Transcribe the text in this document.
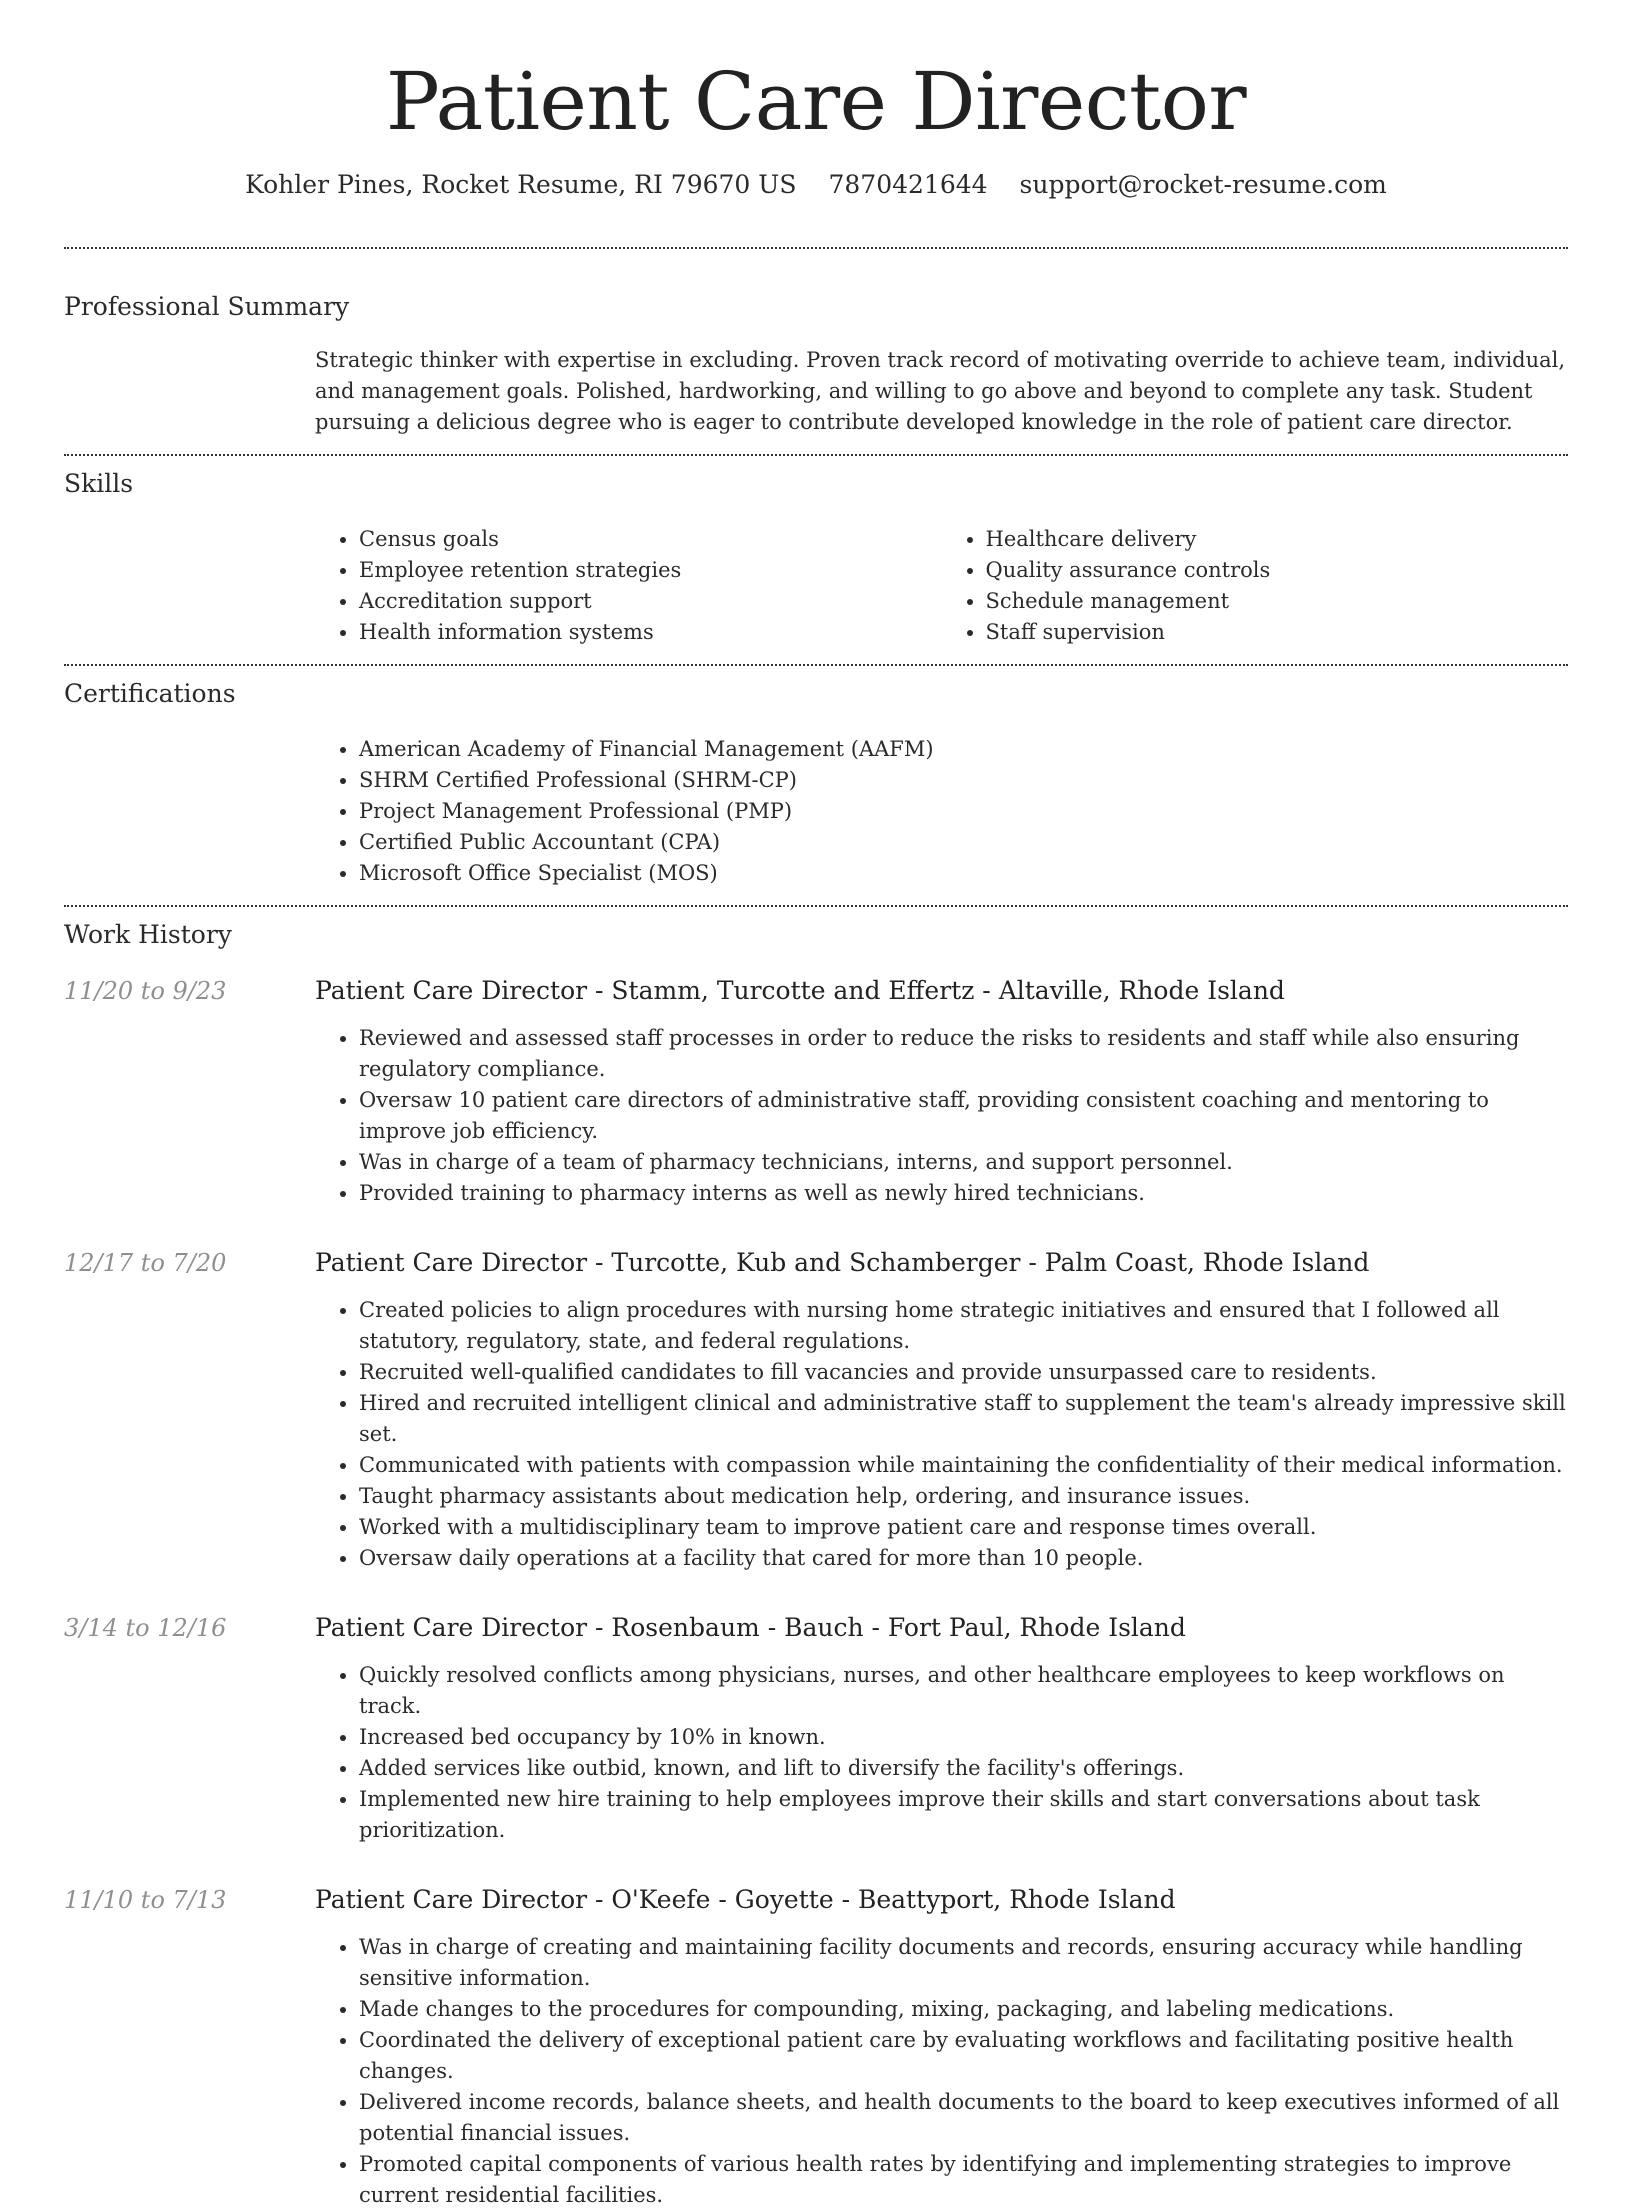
Patient Care Director
Kohler Pines, Rocket Resume, RI 79670 US 7870421644 support@rocket-resume.com
Professional Summary

Strategic thinker with expertise in excluding. Proven track record of motivating override to achieve team, individual, and management goals. Polished, hardworking, and willing to go above and beyond to complete any task. Student pursuing a delicious degree who is eager to contribute developed knowledge in the role of patient care director.

Skills
• Census goals
• Employee retention strategies
• Accreditation support
• Health information systems
• Healthcare delivery
• Quality assurance controls
• Schedule management
• Staff supervision
Certifications
• American Academy of Financial Management (AAFM)
• SHRM Certified Professional (SHRM-CP)
• Project Management Professional (PMP)
• Certified Public Accountant (CPA)
• Microsoft Office Specialist (MOS)
Work History
11/20 to 9/23	Patient Care Director - Stamm, Turcotte and Effertz - Altaville, Rhode Island
• Reviewed and assessed staff processes in order to reduce the risks to residents and staff while also ensuring regulatory compliance.
• Oversaw 10 patient care directors of administrative staff, providing consistent coaching and mentoring to improve job efficiency.
• Was in charge of a team of pharmacy technicians, interns, and support personnel.
• Provided training to pharmacy interns as well as newly hired technicians.
12/17 to 7/20	Patient Care Director - Turcotte, Kub and Schamberger - Palm Coast, Rhode Island
• Created policies to align procedures with nursing home strategic initiatives and ensured that I followed all statutory, regulatory, state, and federal regulations.
• Recruited well-qualified candidates to fill vacancies and provide unsurpassed care to residents.
• Hired and recruited intelligent clinical and administrative staff to supplement the team's already impressive skill set.
• Communicated with patients with compassion while maintaining the confidentiality of their medical information.
• Taught pharmacy assistants about medication help, ordering, and insurance issues.
• Worked with a multidisciplinary team to improve patient care and response times overall.
• Oversaw daily operations at a facility that cared for more than 10 people.
3/14 to 12/16	Patient Care Director - Rosenbaum - Bauch - Fort Paul, Rhode Island
• Quickly resolved conflicts among physicians, nurses, and other healthcare employees to keep workflows on track.
• Increased bed occupancy by 10% in known.
• Added services like outbid, known, and lift to diversify the facility's offerings.
• Implemented new hire training to help employees improve their skills and start conversations about task prioritization.
11/10 to 7/13	Patient Care Director - O'Keefe - Goyette - Beattyport, Rhode Island
• Was in charge of creating and maintaining facility documents and records, ensuring accuracy while handling sensitive information.
• Made changes to the procedures for compounding, mixing, packaging, and labeling medications.
• Coordinated the delivery of exceptional patient care by evaluating workflows and facilitating positive health changes.
• Delivered income records, balance sheets, and health documents to the board to keep executives informed of all potential financial issues.
• Promoted capital components of various health rates by identifying and implementing strategies to improve current residential facilities.
